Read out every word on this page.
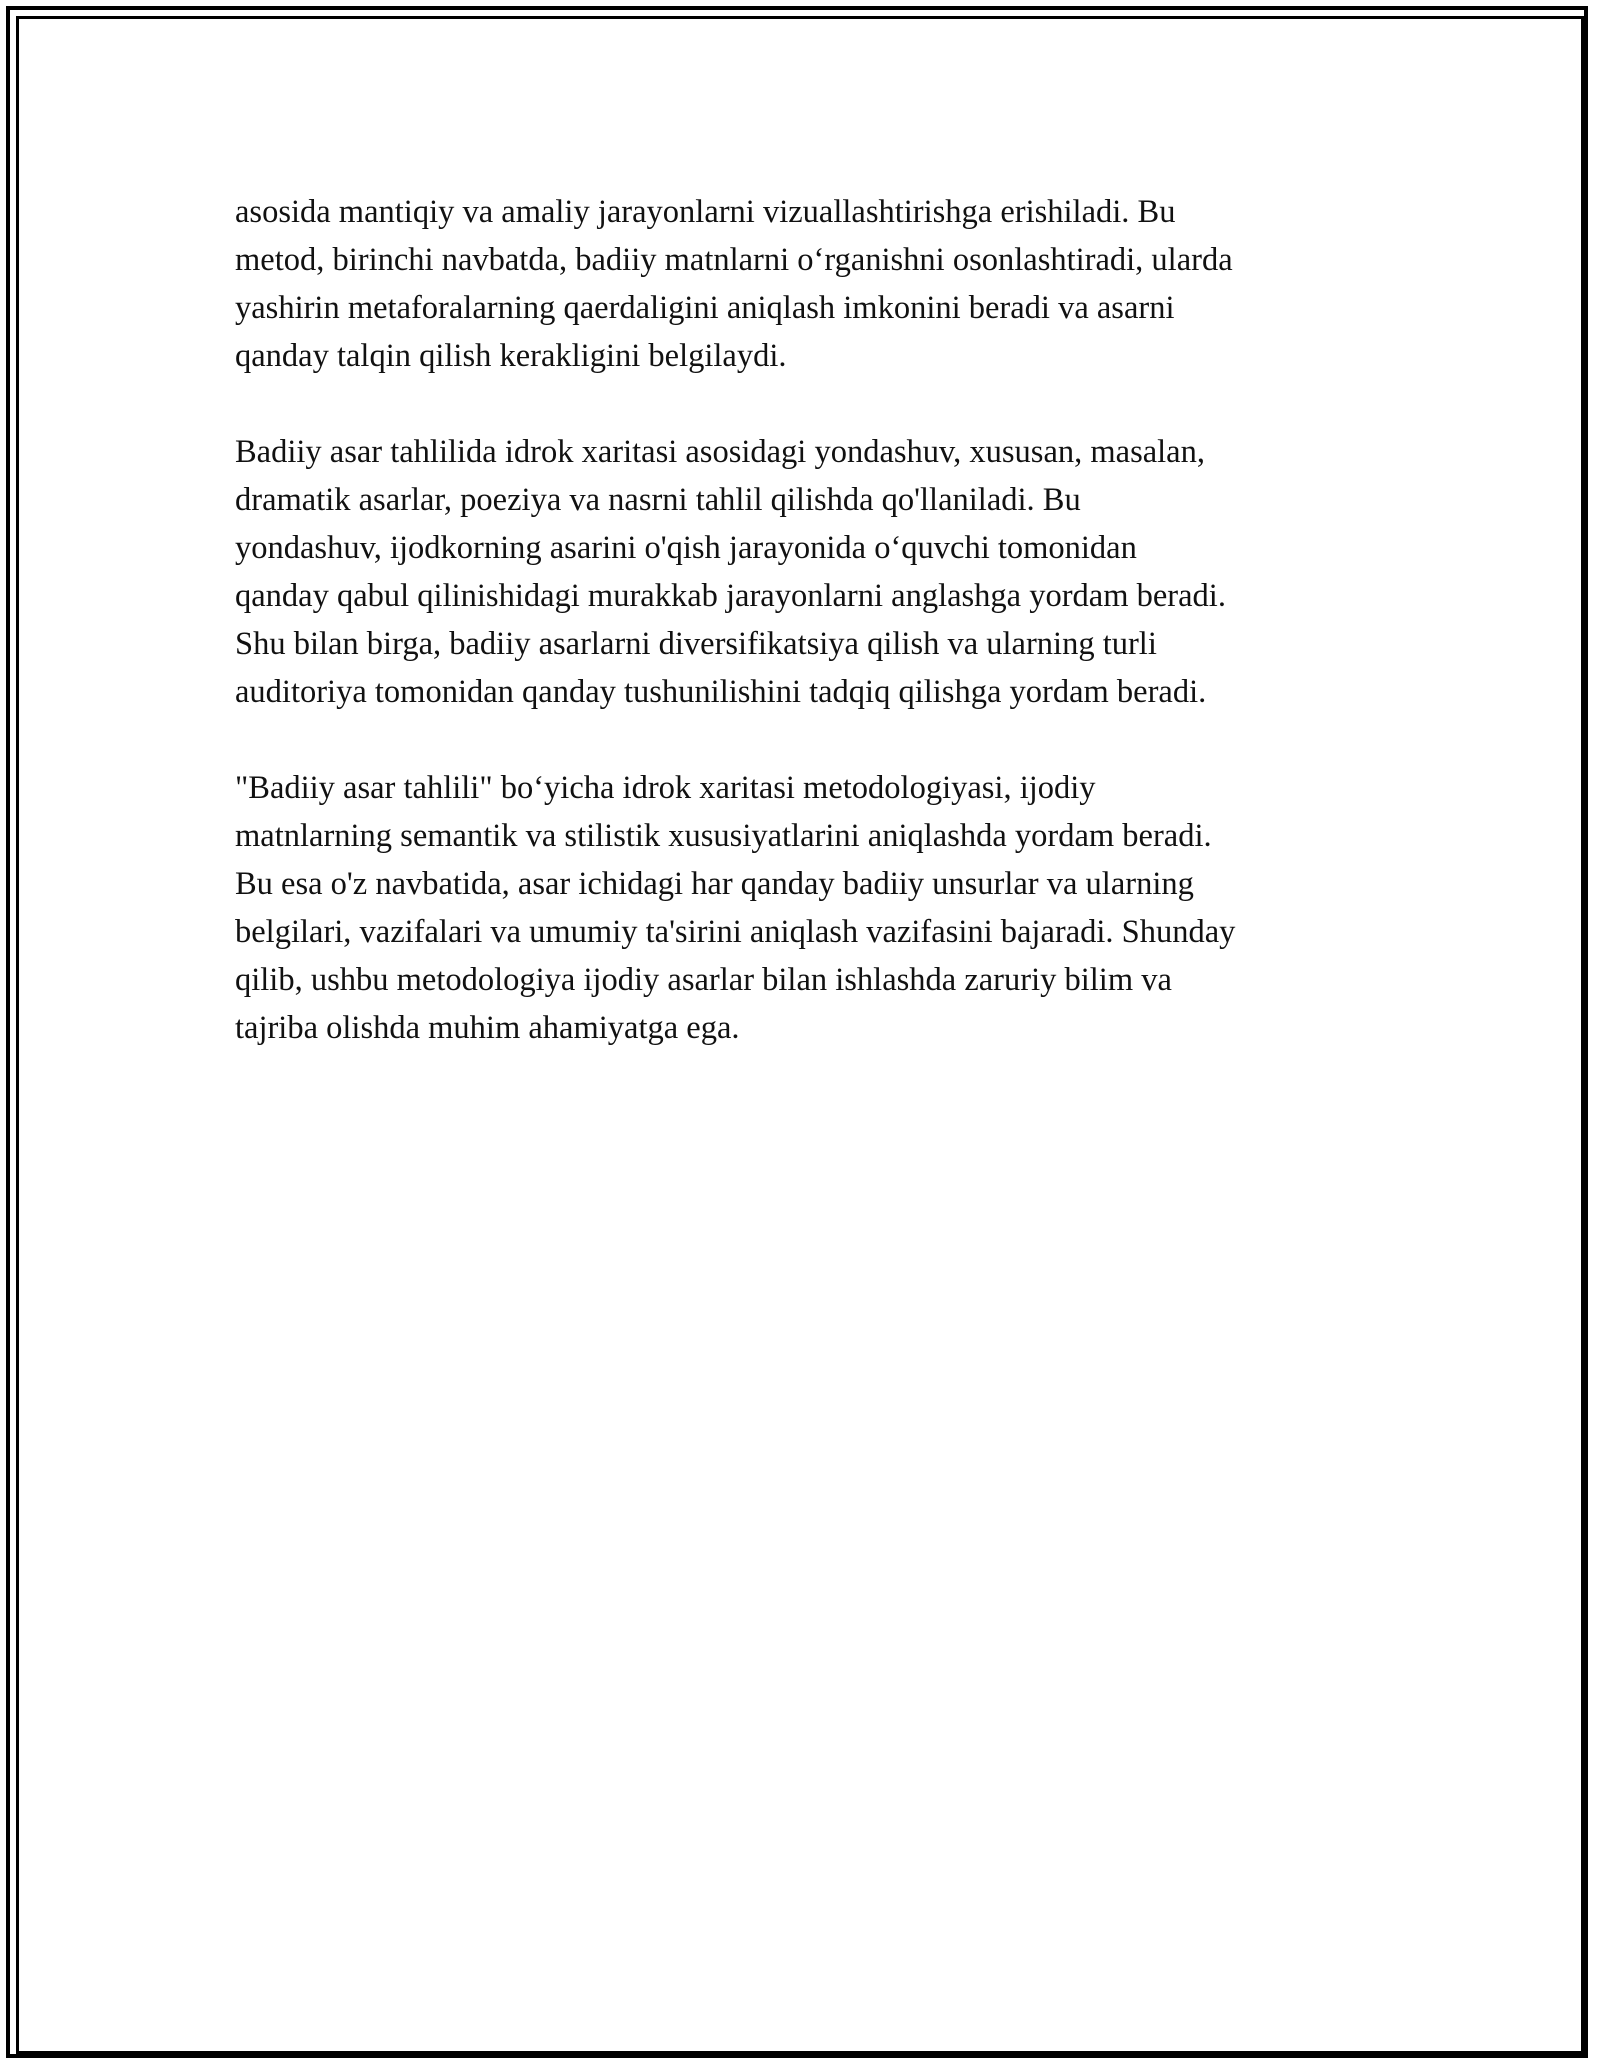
asosida mantiqiy va amaliy jarayonlarni vizuallashtirishga erishiladi. Bu
metod, birinchi navbatda, badiiy matnlarni o‘rganishni osonlashtiradi, ularda
yashirin metaforalarning qaerdaligini aniqlash imkonini beradi va asarni
qanday talqin qilish kerakligini belgilaydi.

Badiiy asar tahlilida idrok xaritasi asosidagi yondashuv, xususan, masalan,
dramatik asarlar, poeziya va nasrni tahlil qilishda qo'llaniladi. Bu
yondashuv, ijodkorning asarini o'qish jarayonida o‘quvchi tomonidan
qanday qabul qilinishidagi murakkab jarayonlarni anglashga yordam beradi.
Shu bilan birga, badiiy asarlarni diversifikatsiya qilish va ularning turli
auditoriya tomonidan qanday tushunilishini tadqiq qilishga yordam beradi.

"Badiiy asar tahlili" bo‘yicha idrok xaritasi metodologiyasi, ijodiy
matnlarning semantik va stilistik xususiyatlarini aniqlashda yordam beradi.
Bu esa o'z navbatida, asar ichidagi har qanday badiiy unsurlar va ularning
belgilari, vazifalari va umumiy ta'sirini aniqlash vazifasini bajaradi. Shunday
qilib, ushbu metodologiya ijodiy asarlar bilan ishlashda zaruriy bilim va
tajriba olishda muhim ahamiyatga ega.
